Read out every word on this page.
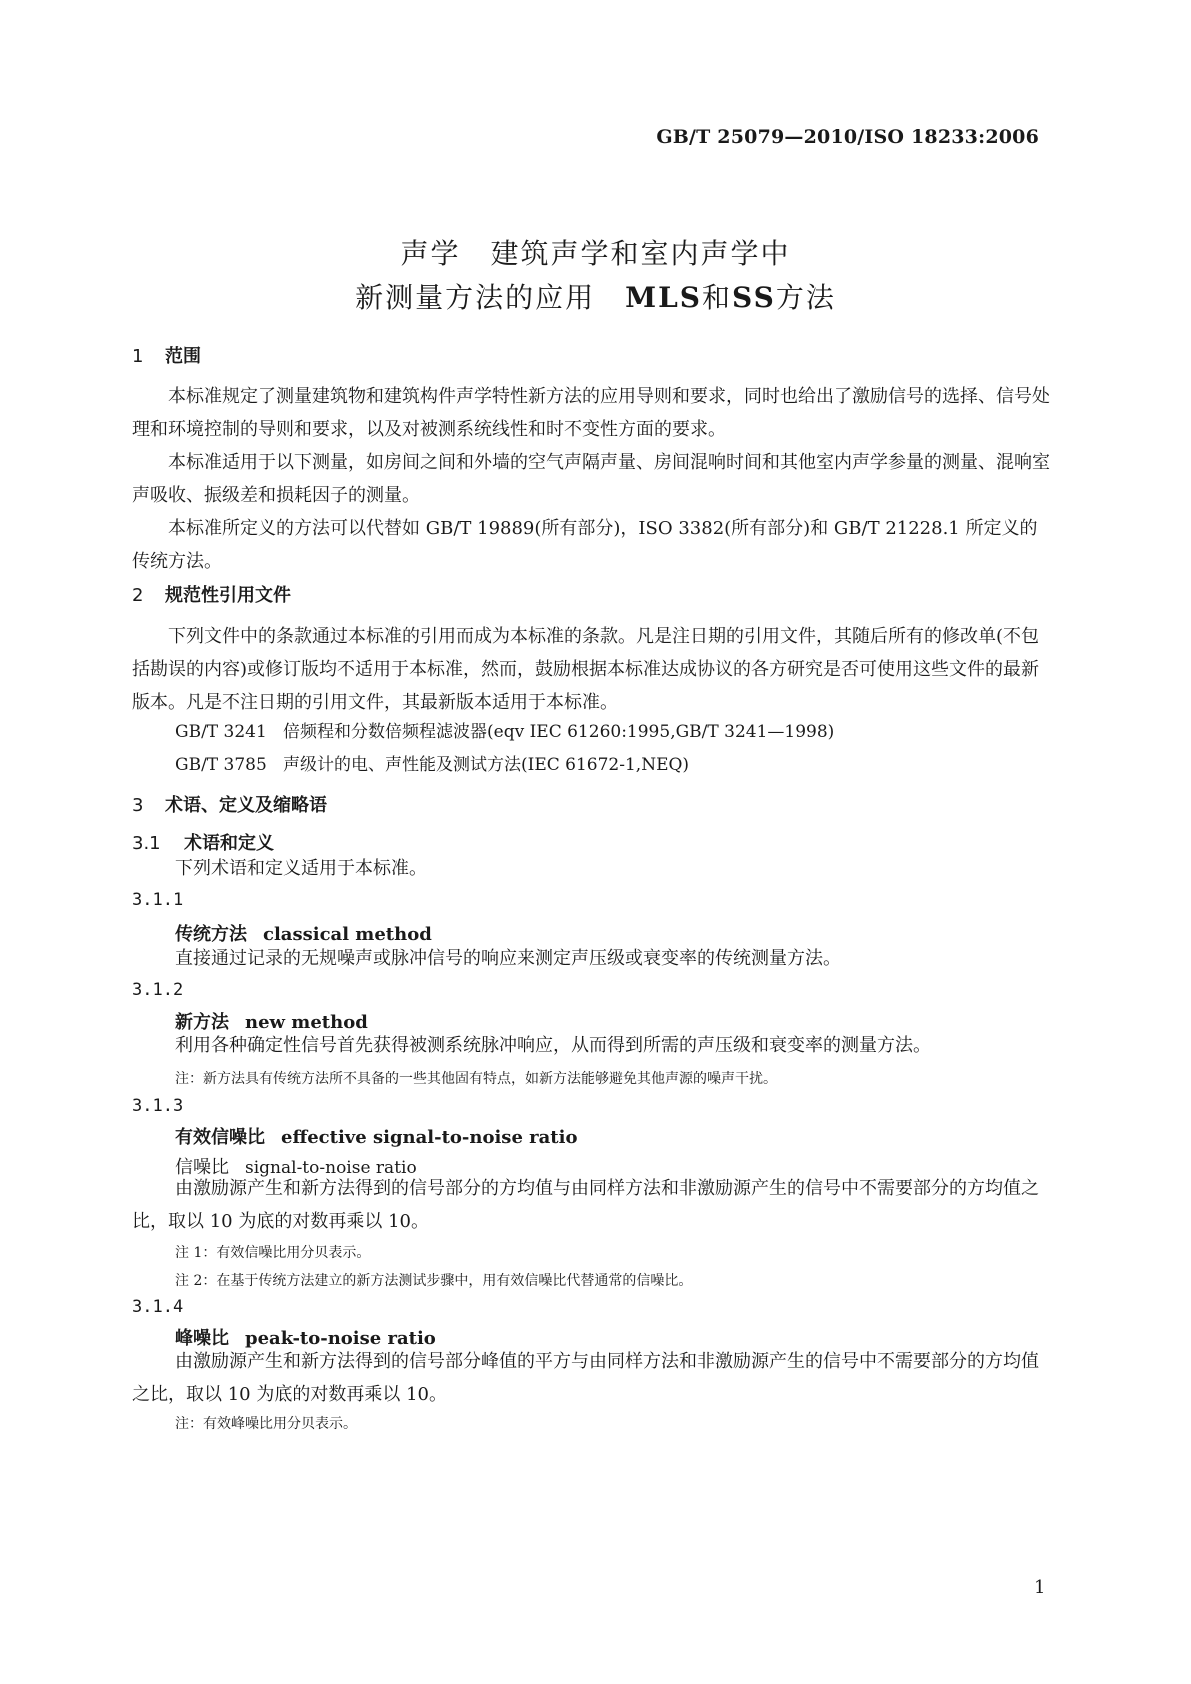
GB/T 25079—2010/ISO 18233:2006
声学　建筑声学和室内声学中
新测量方法的应用　MLS和SS方法
1 范围
本标准规定了测量建筑物和建筑构件声学特性新方法的应用导则和要求，同时也给出了激励信号的选择、信号处理和环境控制的导则和要求，以及对被测系统线性和时不变性方面的要求。
本标准适用于以下测量，如房间之间和外墙的空气声隔声量、房间混响时间和其他室内声学参量的测量、混响室声吸收、振级差和损耗因子的测量。
本标准所定义的方法可以代替如 GB/T 19889(所有部分)，ISO 3382(所有部分)和 GB/T 21228.1 所定义的传统方法。
2 规范性引用文件
下列文件中的条款通过本标准的引用而成为本标准的条款。凡是注日期的引用文件，其随后所有的修改单(不包括勘误的内容)或修订版均不适用于本标准，然而，鼓励根据本标准达成协议的各方研究是否可使用这些文件的最新版本。凡是不注日期的引用文件，其最新版本适用于本标准。
GB/T 3241 倍频程和分数倍频程滤波器(eqv IEC 61260:1995,GB/T 3241—1998)
GB/T 3785 声级计的电、声性能及测试方法(IEC 61672-1,NEQ)
3 术语、定义及缩略语
3.1 术语和定义
下列术语和定义适用于本标准。
3.1.1
传统方法 classical method
直接通过记录的无规噪声或脉冲信号的响应来测定声压级或衰变率的传统测量方法。
3.1.2
新方法 new method
利用各种确定性信号首先获得被测系统脉冲响应，从而得到所需的声压级和衰变率的测量方法。
注：新方法具有传统方法所不具备的一些其他固有特点，如新方法能够避免其他声源的噪声干扰。
3.1.3
有效信噪比 effective signal-to-noise ratio
信噪比 signal-to-noise ratio
由激励源产生和新方法得到的信号部分的方均值与由同样方法和非激励源产生的信号中不需要部分的方均值之比，取以 10 为底的对数再乘以 10。
注 1：有效信噪比用分贝表示。
注 2：在基于传统方法建立的新方法测试步骤中，用有效信噪比代替通常的信噪比。
3.1.4
峰噪比 peak-to-noise ratio
由激励源产生和新方法得到的信号部分峰值的平方与由同样方法和非激励源产生的信号中不需要部分的方均值之比，取以 10 为底的对数再乘以 10。
注：有效峰噪比用分贝表示。
1
